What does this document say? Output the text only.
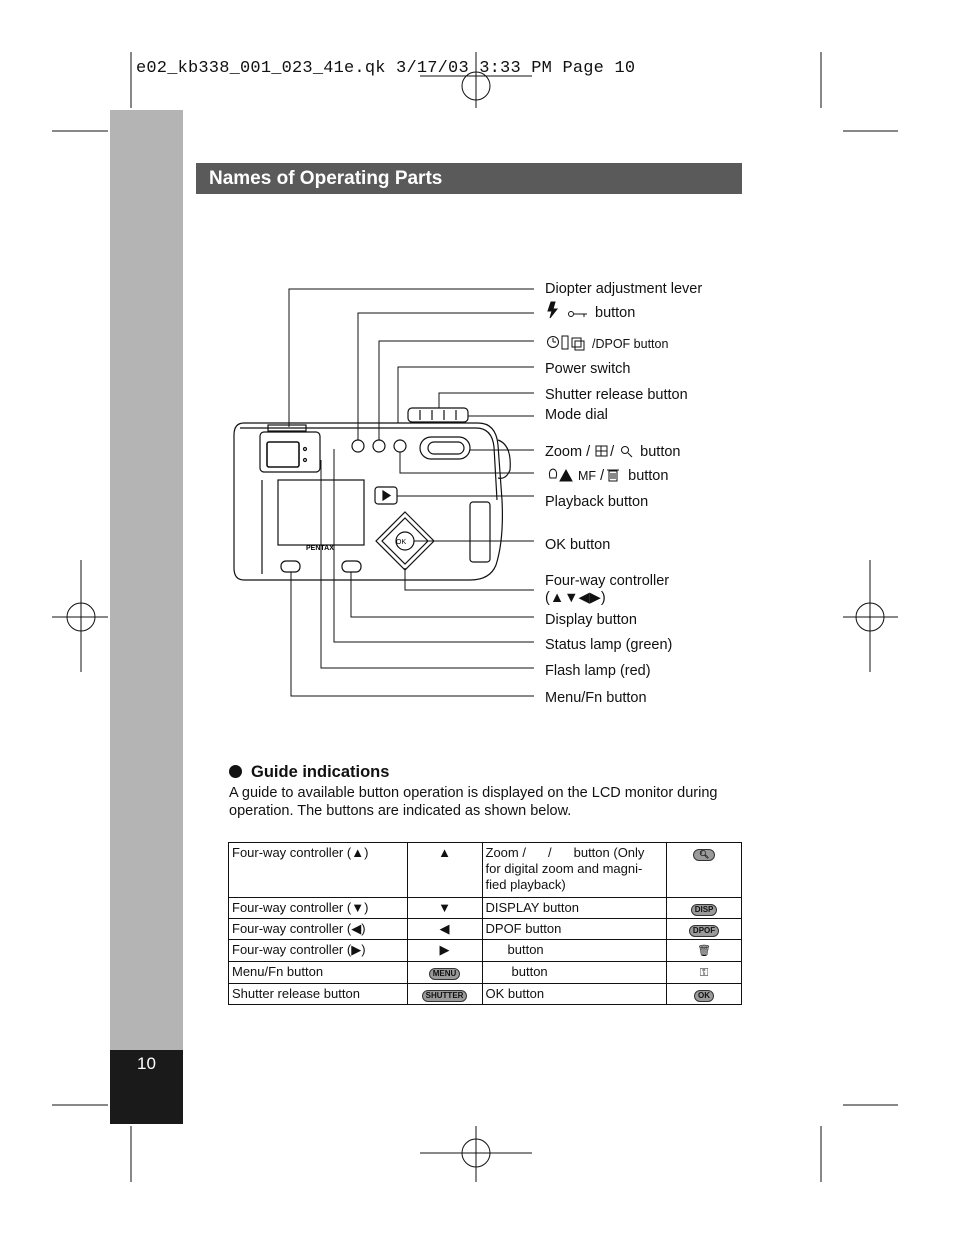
e02_kb338_001_023_41e.qk 3/17/03 3:33 PM Page 10
10
Names of Operating Parts
OK
PENTAX
Diopter adjustment lever
button
/DPOF button
Power switch
Shutter release button
Mode dial
Zoom / / button
MF / button
Playback button
OK button
Four-way controller
(▲▼◀▶)
Display button
Status lamp (green)
Flash lamp (red)
Menu/Fn button
Guide indications
A guide to available button operation is displayed on the LCD monitor during operation. The buttons are indicated as shown below.
Four-way controller (▲)	▲	Zoom / / button (Only for digital zoom and magni-fied playback)	🔍︎
Four-way controller (▼)	▼	DISPLAY button	DISP
Four-way controller (◀)	◀	DPOF button	DPOF
Four-way controller (▶)	▶	button	🗑︎
Menu/Fn button	MENU	button	⚿
Shutter release button	SHUTTER	OK button	OK
